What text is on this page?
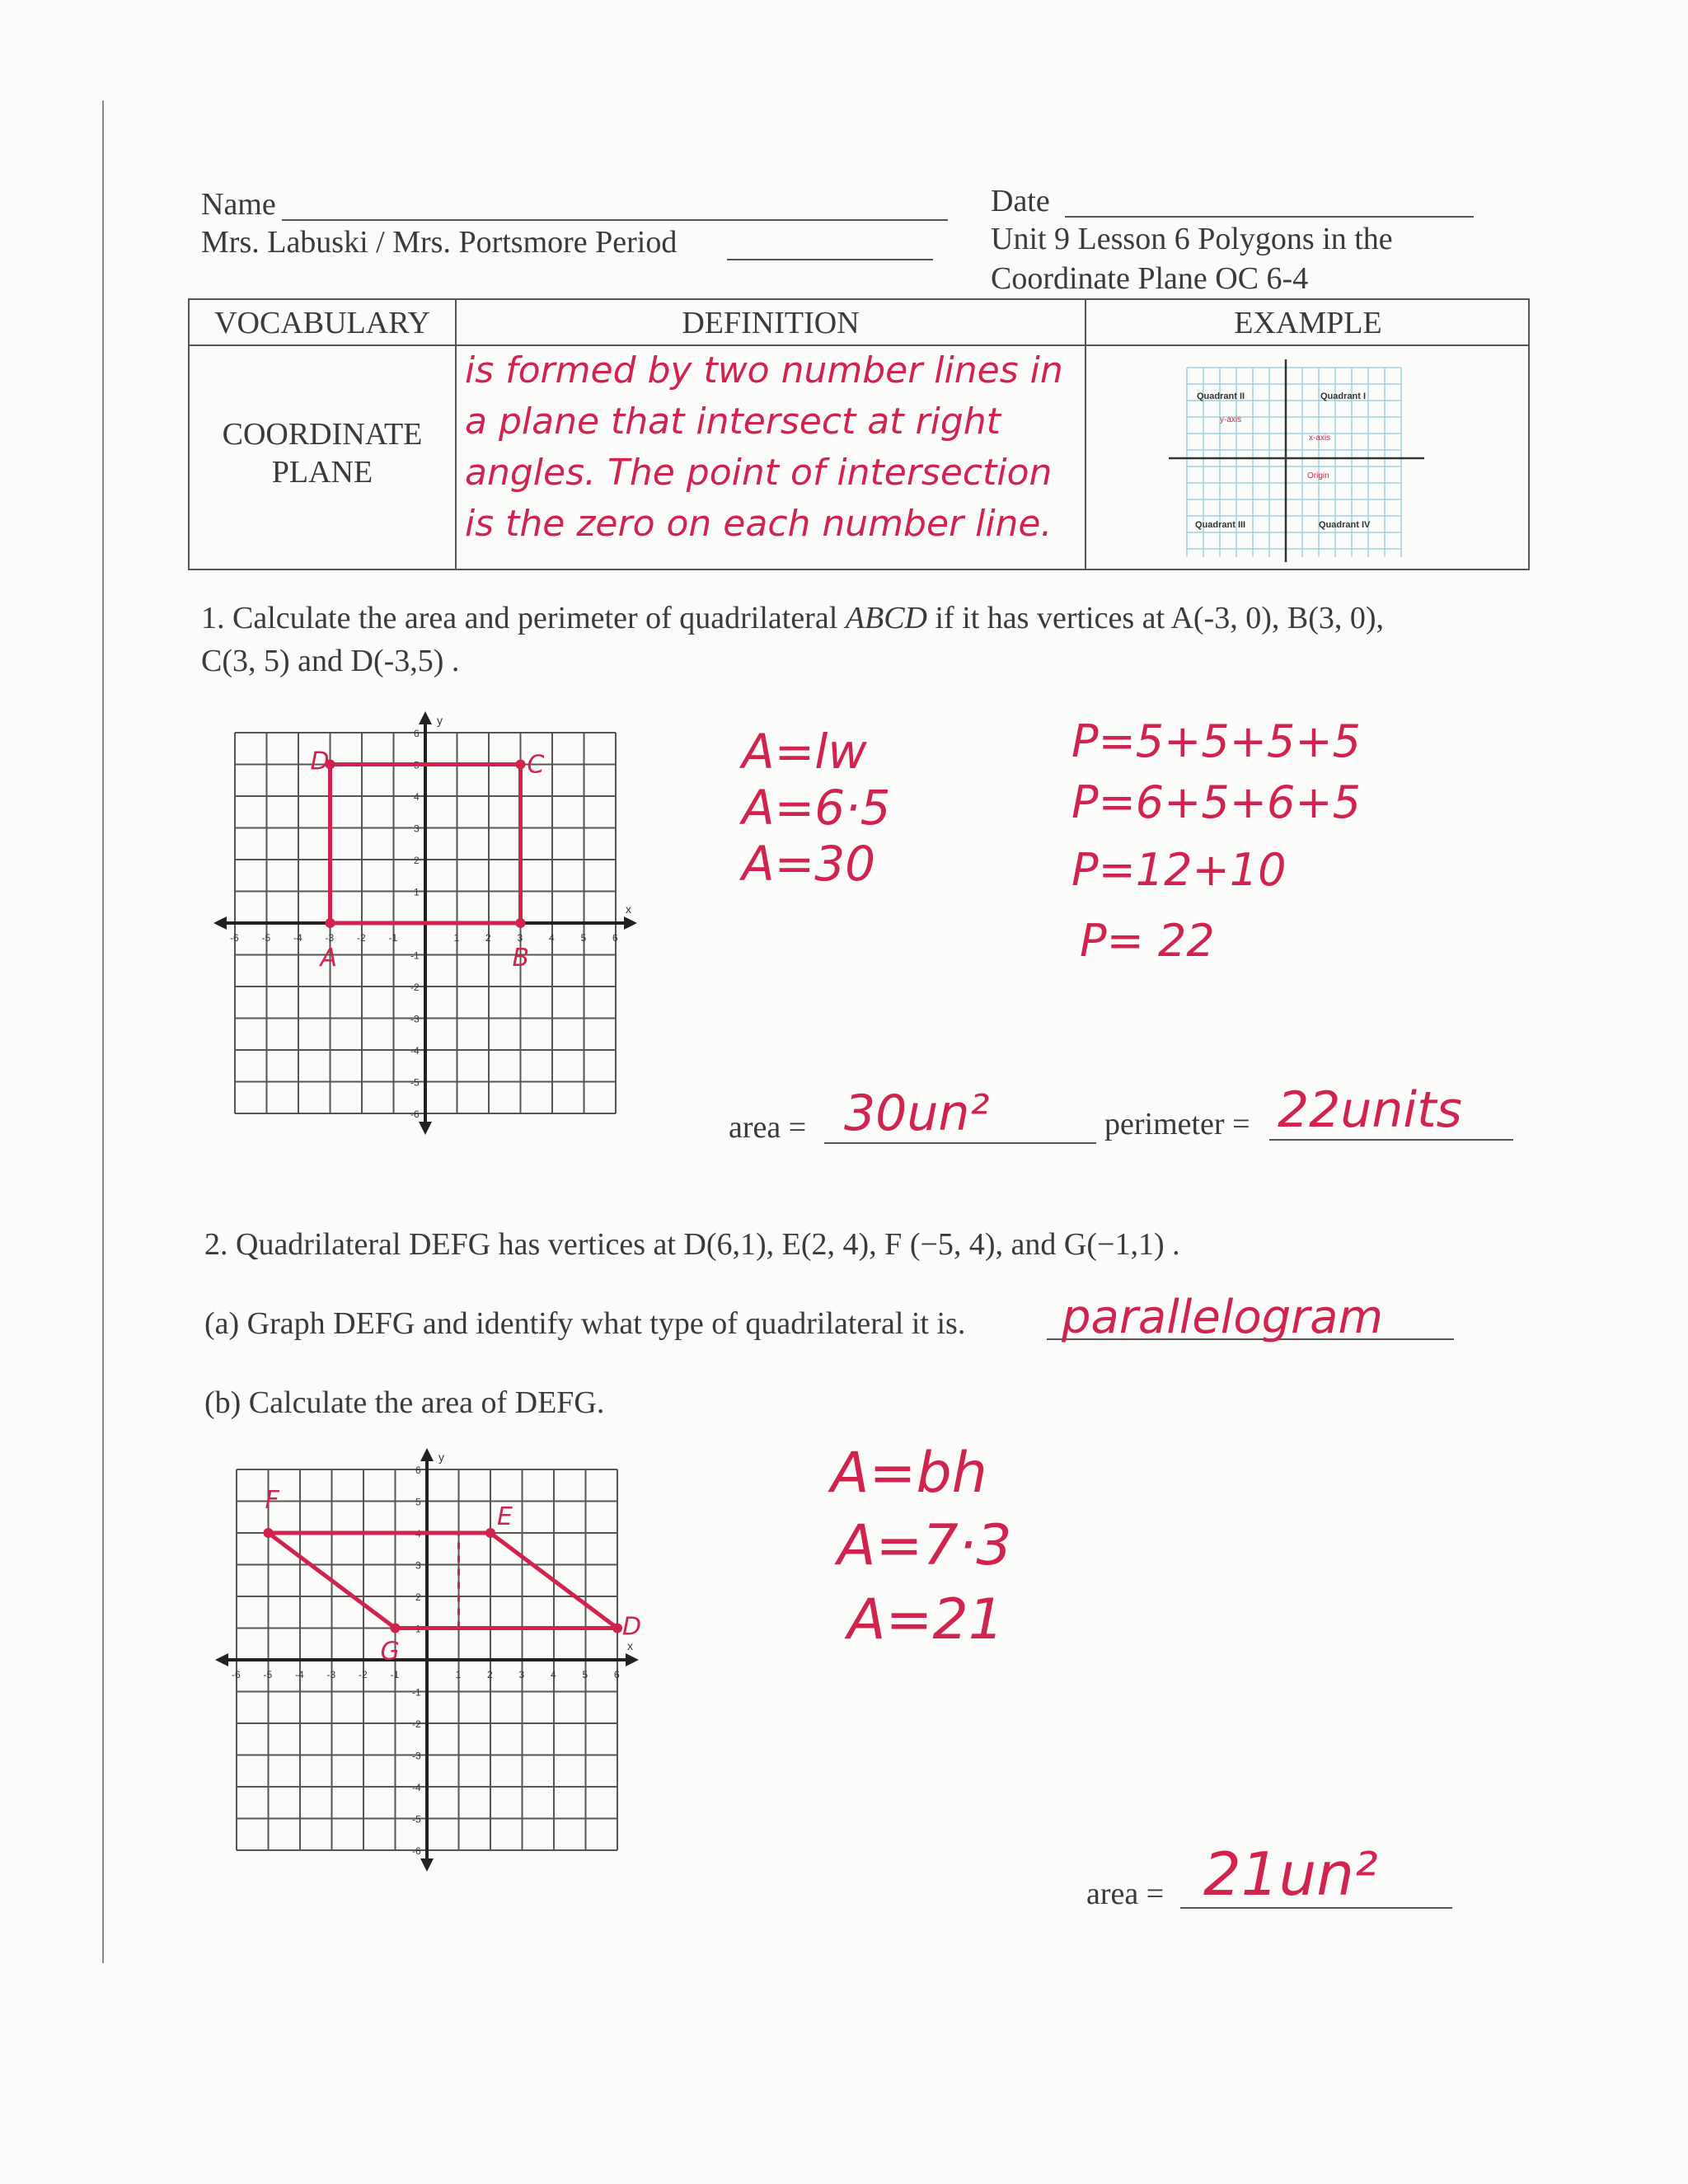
Name
Mrs. Labuski / Mrs. Portsmore Period
Date
Unit 9 Lesson 6 Polygons in the
Coordinate Plane OC 6-4
VOCABULARY	DEFINITION	EXAMPLE
COORDINATE
PLANE
is formed by two number lines in
a plane that intersect at right
angles. The point of intersection
is the zero on each number line.
Quadrant II	Quadrant I
Quadrant III	Quadrant IV
y-axis
x-axis
Origin
1. Calculate the area and perimeter of quadrilateral ABCD if it has vertices at A(-3, 0), B(3, 0),
C(3, 5) and D(-3,5) .
y
x
-1	1
1
-1
-2	2
2
-2
-3	3
3
-3
-4	4
4
-4
-5	5
5
-5
-6	6
6
-6
A	B
C
D	A=lw
A=6·5
A=30
P=5+5+5+5
P=6+5+6+5
P=12+10
P= 22
area = 30un²	perimeter = 22units
2. Quadrilateral DEFG has vertices at D(6,1), E(2, 4), F (−5, 4), and G(−1,1) .
(a) Graph DEFG and identify what type of quadrilateral it is. parallelogram
(b) Calculate the area of DEFG.
y
x
-1	1
1
-1
-2	2
2
-2
-3	3
3
-3
-4	4
4
-4
-5	5
5
-5
-6	6
6
-6
D
E
F
G
A=bh
A=7·3
A=21
area = 21un²
